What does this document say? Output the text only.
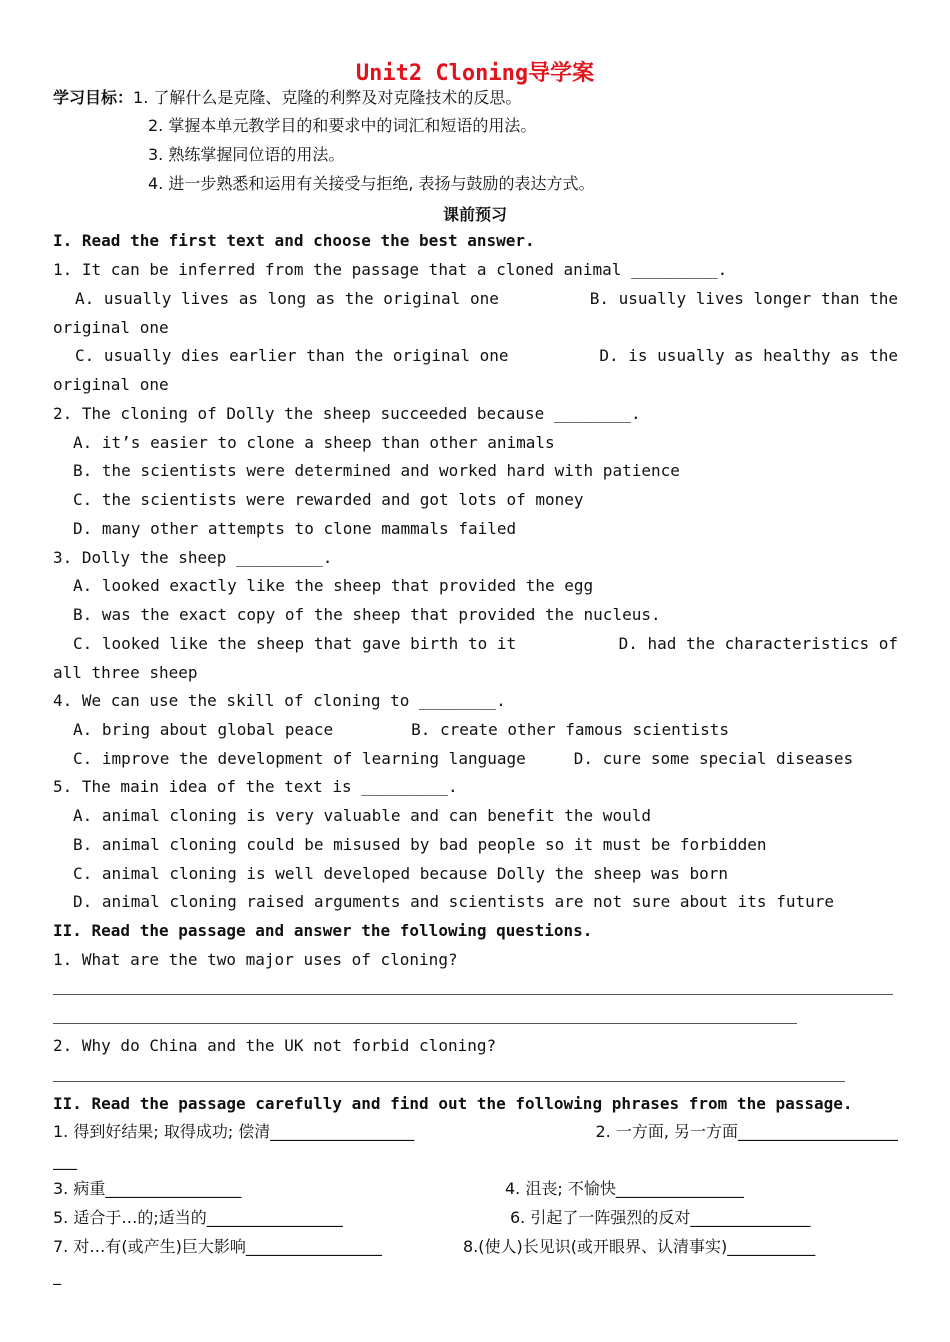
Unit2 Cloning导学案
学习目标：1. 了解什么是克隆、克隆的利弊及对克隆技术的反思。
2. 掌握本单元教学目的和要求中的词汇和短语的用法。
3. 熟练掌握同位语的用法。
4. 进一步熟悉和运用有关接受与拒绝, 表扬与鼓励的表达方式。
课前预习
I. Read the first text and choose the best answer.
1. It can be inferred from the passage that a cloned animal _________.
A. usually lives as long as the original one	B. usually lives longer than the
original one
C. usually dies earlier than the original one	D. is usually as healthy as the
original one
2. The cloning of Dolly the sheep succeeded because ________.
A. it’s easier to clone a sheep than other animals
B. the scientists were determined and worked hard with patience
C. the scientists were rewarded and got lots of money
D. many other attempts to clone mammals failed
3. Dolly the sheep _________.
A. looked exactly like the sheep that provided the egg
B. was the exact copy of the sheep that provided the nucleus.
C. looked like the sheep that gave birth to it	D. had the characteristics of
all three sheep
4. We can use the skill of cloning to ________.
A. bring about global peace	B. create other famous scientists
C. improve the development of learning language	D. cure some special diseases
5. The main idea of the text is _________.
A. animal cloning is very valuable and can benefit the would
B. animal cloning could be misused by bad people so it must be forbidden
C. animal cloning is well developed because Dolly the sheep was born
D. animal cloning raised arguments and scientists are not sure about its future
II. Read the passage and answer the following questions.
1. What are the two major uses of cloning?
2. Why do China and the UK not forbid cloning?
II. Read the passage carefully and find out the following phrases from the passage.
1. 得到好结果; 取得成功; 偿清__________________	2. 一方面, 另一方面____________________
___
3. 病重_________________	4. 沮丧; 不愉快________________
5. 适合于…的;适当的_________________	6. 引起了一阵强烈的反对_______________
7. 对…有(或产生)巨大影响_________________	8.(使人)长见识(或开眼界、认清事实)___________
_
